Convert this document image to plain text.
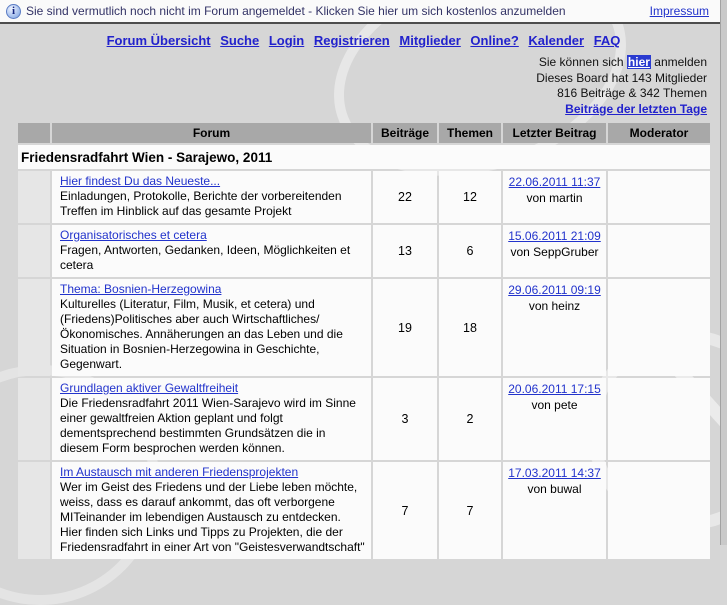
i Sie sind vermutlich noch nicht im Forum angemeldet - Klicken Sie hier um sich kostenlos anzumelden	Impressum
Forum Übersicht Suche Login Registrieren Mitglieder Online? Kalender FAQ
Sie können sich hier anmelden
Dieses Board hat 143 Mitglieder
816 Beiträge & 342 Themen
Beiträge der letzten Tage
	Forum	Beiträge	Themen	Letzter Beitrag	Moderator
Friedensradfahrt Wien - Sarajewo, 2011					
	Hier findest Du das Neueste...
Einladungen, Protokolle, Berichte der vorbereitenden Treffen im Hinblick auf das gesamte Projekt	22	12	22.06.2011 11:37
von martin	

	Organisatorisches et cetera
Fragen, Antworten, Gedanken, Ideen, Möglichkeiten et cetera	13	6	15.06.2011 21:09
von SeppGruber	

	Thema: Bosnien-Herzegowina
Kulturelles (Literatur, Film, Musik, et cetera) und (Friedens)Politisches aber auch Wirtschaftliches/Ökonomisches. Annäherungen an das Leben und die Situation in Bosnien-Herzegowina in Geschichte, Gegenwart.	19	18	29.06.2011 09:19
von heinz	

	Grundlagen aktiver Gewaltfreiheit
Die Friedensradfahrt 2011 Wien-Sarajevo wird im Sinne einer gewaltfreien Aktion geplant und folgt dementsprechend bestimmten Grundsätzen die in diesem Form besprochen werden können.	3	2	20.06.2011 17:15
von pete	

	Im Austausch mit anderen Friedensprojekten
Wer im Geist des Friedens und der Liebe leben möchte, weiss, dass es darauf ankommt, das oft verborgene MITeinander im lebendigen Austausch zu entdecken. Hier finden sich Links und Tipps zu Projekten, die der Friedensradfahrt in einer Art von "Geistesverwandtschaft"	7	7	17.03.2011 14:37
von buwal	
